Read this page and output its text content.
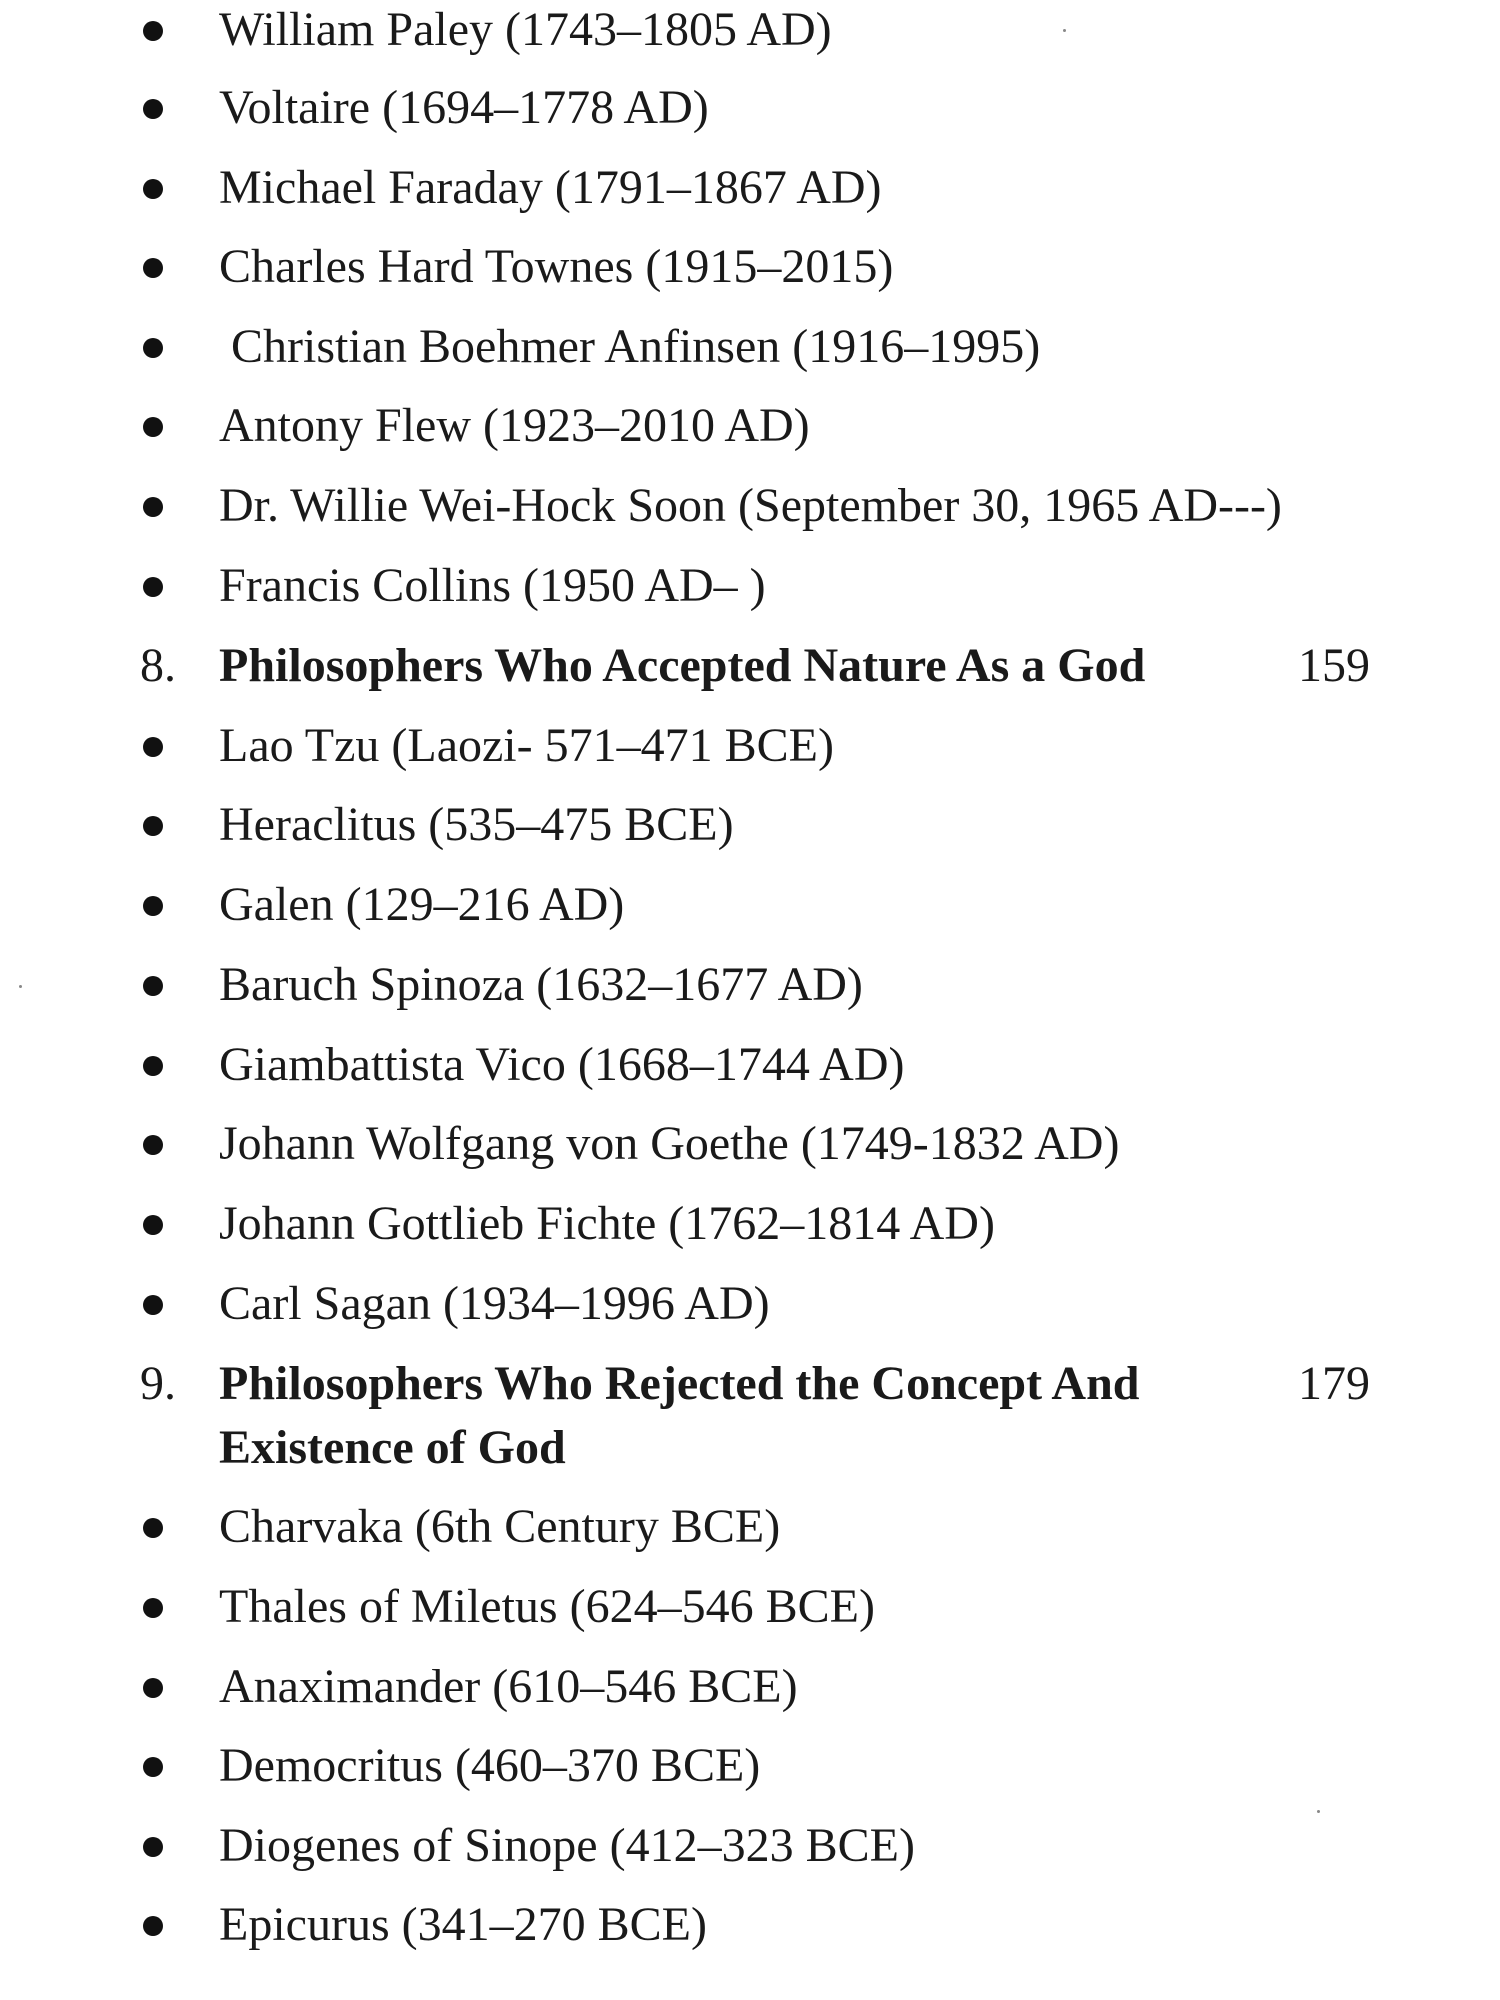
William Paley (1743–1805 AD)
Voltaire (1694–1778 AD)
Michael Faraday (1791–1867 AD)
Charles Hard Townes (1915–2015)
Christian Boehmer Anfinsen (1916–1995)
Antony Flew (1923–2010 AD)
Dr. Willie Wei-Hock Soon (September 30, 1965 AD---)
Francis Collins (1950 AD– )
8. Philosophers Who Accepted Nature As a God	159
Lao Tzu (Laozi- 571–471 BCE)
Heraclitus (535–475 BCE)
Galen (129–216 AD)
Baruch Spinoza (1632–1677 AD)
Giambattista Vico (1668–1744 AD)
Johann Wolfgang von Goethe (1749-1832 AD)
Johann Gottlieb Fichte (1762–1814 AD)
Carl Sagan (1934–1996 AD)
9. Philosophers Who Rejected the Concept And	179
Existence of God
Charvaka (6th Century BCE)
Thales of Miletus (624–546 BCE)
Anaximander (610–546 BCE)
Democritus (460–370 BCE)
Diogenes of Sinope (412–323 BCE)
Epicurus (341–270 BCE)
